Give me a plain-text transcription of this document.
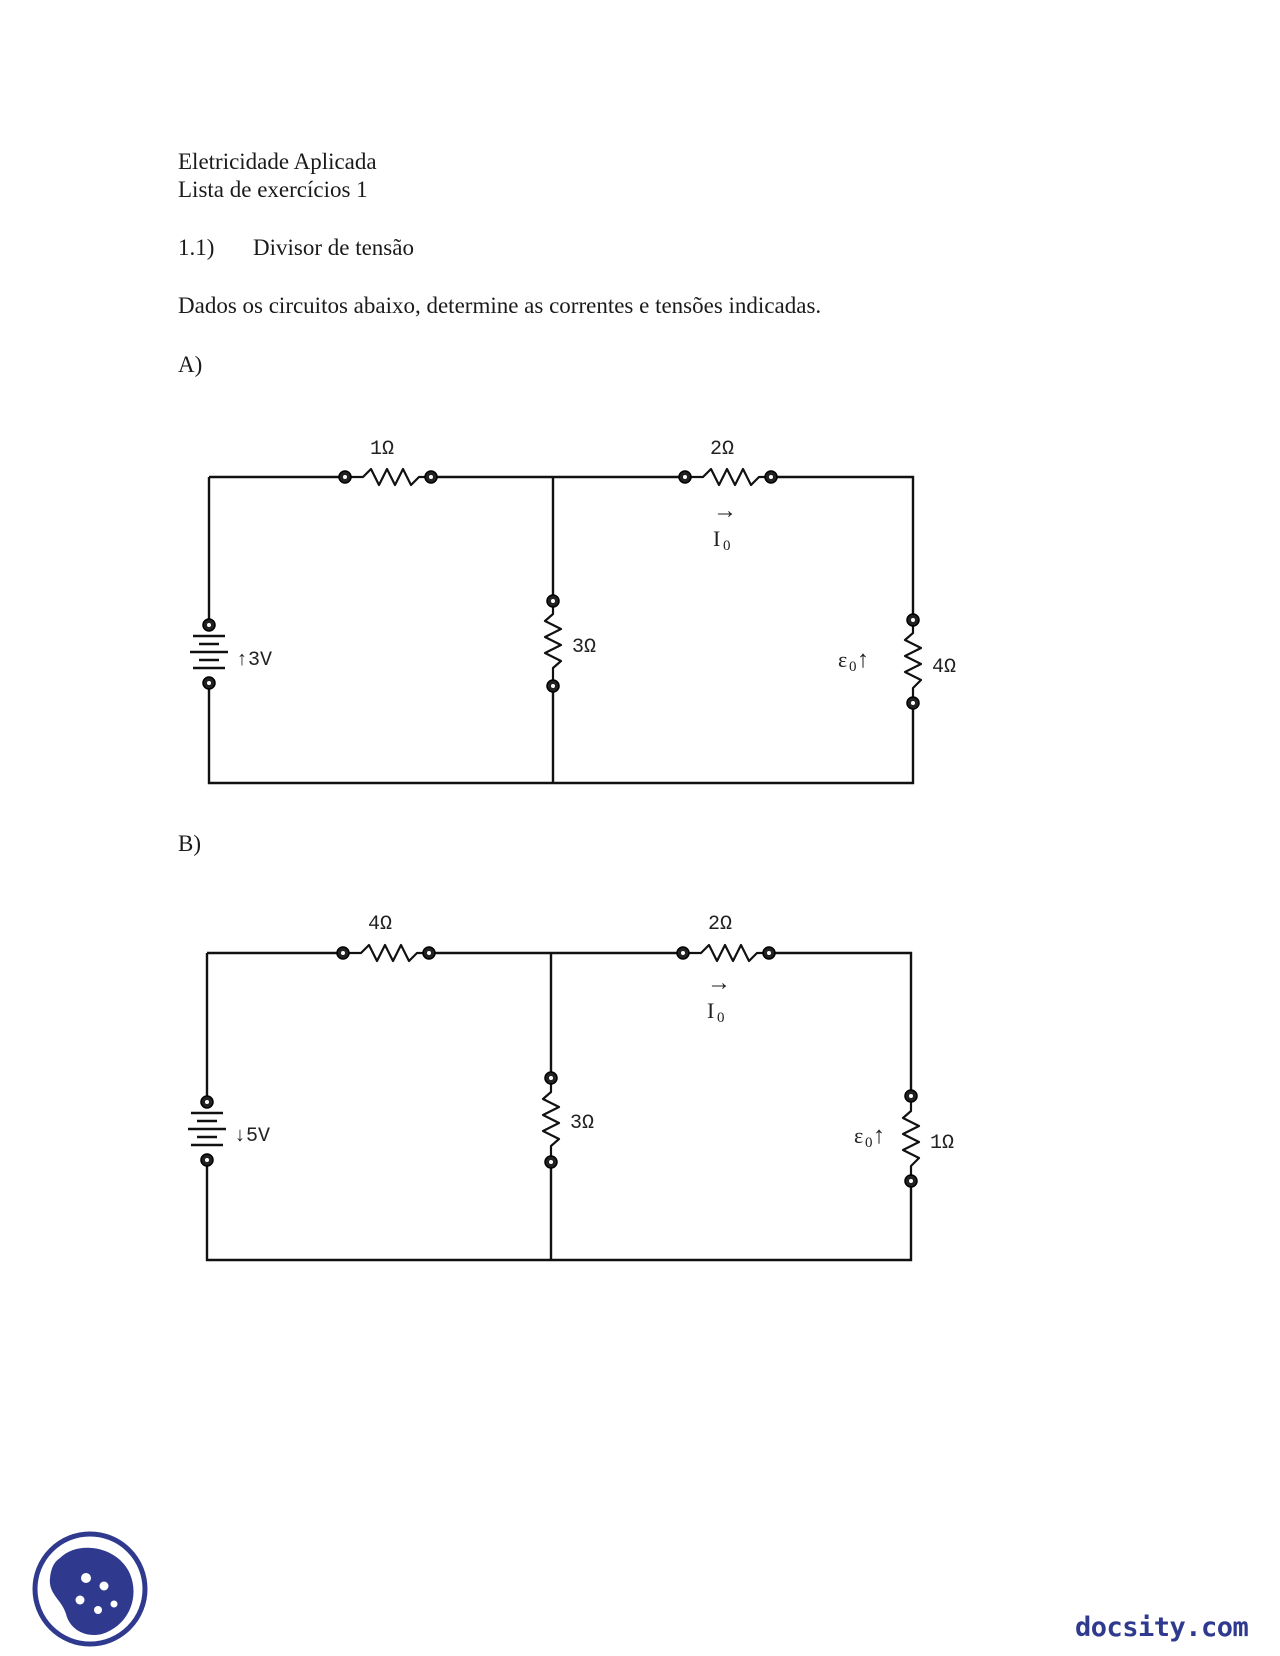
Eletricidade Aplicada
Lista de exercícios 1
1.1) Divisor de tensão
Dados os circuitos abaixo, determine as correntes e tensões indicadas.
A)
1Ω	2Ω
→
I 0
3Ω
4Ω
ε 0 ↑
↑3V
B)
4Ω	2Ω
→
I 0
3Ω
1Ω
ε 0 ↑
↓5V
docsity.com
